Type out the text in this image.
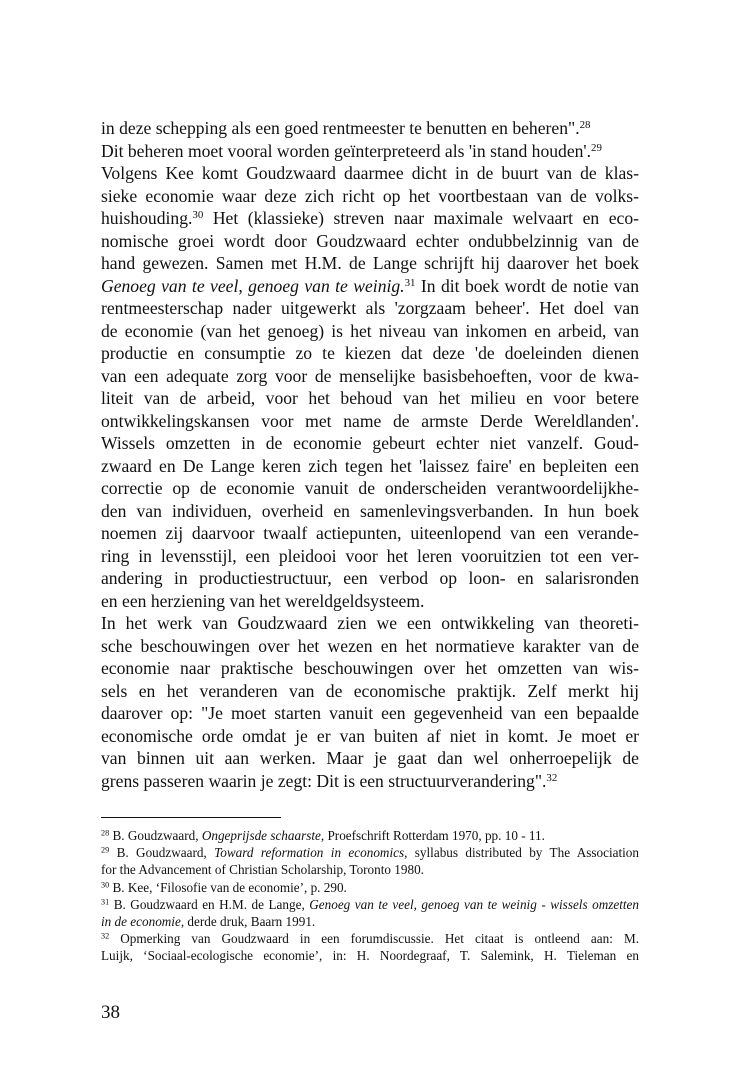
in deze schepping als een goed rentmeester te benutten en beheren".$^{28}$
Dit beheren moet vooral worden geïnterpreteerd als 'in stand houden'.$^{29}$
Volgens Kee komt Goudzwaard daarmee dicht in de buurt van de klas-
sieke economie waar deze zich richt op het voortbestaan van de volks-
huishouding.$^{30}$ Het (klassieke) streven naar maximale welvaart en eco-
nomische groei wordt door Goudzwaard echter ondubbelzinnig van de
hand gewezen. Samen met H.M. de Lange schrijft hij daarover het boek
Genoeg van te veel, genoeg van te weinig.$^{31}$ In dit boek wordt de notie van
rentmeesterschap nader uitgewerkt als 'zorgzaam beheer'. Het doel van
de economie (van het genoeg) is het niveau van inkomen en arbeid, van
productie en consumptie zo te kiezen dat deze 'de doeleinden dienen
van een adequate zorg voor de menselijke basisbehoeften, voor de kwa-
liteit van de arbeid, voor het behoud van het milieu en voor betere
ontwikkelingskansen voor met name de armste Derde Wereldlanden'.
Wissels omzetten in de economie gebeurt echter niet vanzelf. Goud-
zwaard en De Lange keren zich tegen het 'laissez faire' en bepleiten een
correctie op de economie vanuit de onderscheiden verantwoordelijkhe-
den van individuen, overheid en samenlevingsverbanden. In hun boek
noemen zij daarvoor twaalf actiepunten, uiteenlopend van een verande-
ring in levensstijl, een pleidooi voor het leren vooruitzien tot een ver-
andering in productiestructuur, een verbod op loon- en salarisronden
en een herziening van het wereldgeldsysteem.
In het werk van Goudzwaard zien we een ontwikkeling van theoreti-
sche beschouwingen over het wezen en het normatieve karakter van de
economie naar praktische beschouwingen over het omzetten van wis-
sels en het veranderen van de economische praktijk. Zelf merkt hij
daarover op: "Je moet starten vanuit een gegevenheid van een bepaalde
economische orde omdat je er van buiten af niet in komt. Je moet er
van binnen uit aan werken. Maar je gaat dan wel onherroepelijk de
grens passeren waarin je zegt: Dit is een structuurverandering".$^{32}$
$^{28}$ B. Goudzwaard, Ongeprijsde schaarste, Proefschrift Rotterdam 1970, pp. 10 - 11.
$^{29}$ B. Goudzwaard, Toward reformation in economics, syllabus distributed by The Association
for the Advancement of Christian Scholarship, Toronto 1980.
$^{30}$ B. Kee, ‘Filosofie van de economie’, p. 290.
$^{31}$ B. Goudzwaard en H.M. de Lange, Genoeg van te veel, genoeg van te weinig - wissels omzetten
in de economie, derde druk, Baarn 1991.
$^{32}$ Opmerking van Goudzwaard in een forumdiscussie. Het citaat is ontleend aan: M.
Luijk, ‘Sociaal-ecologische economie’, in: H. Noordegraaf, T. Salemink, H. Tieleman en
38
